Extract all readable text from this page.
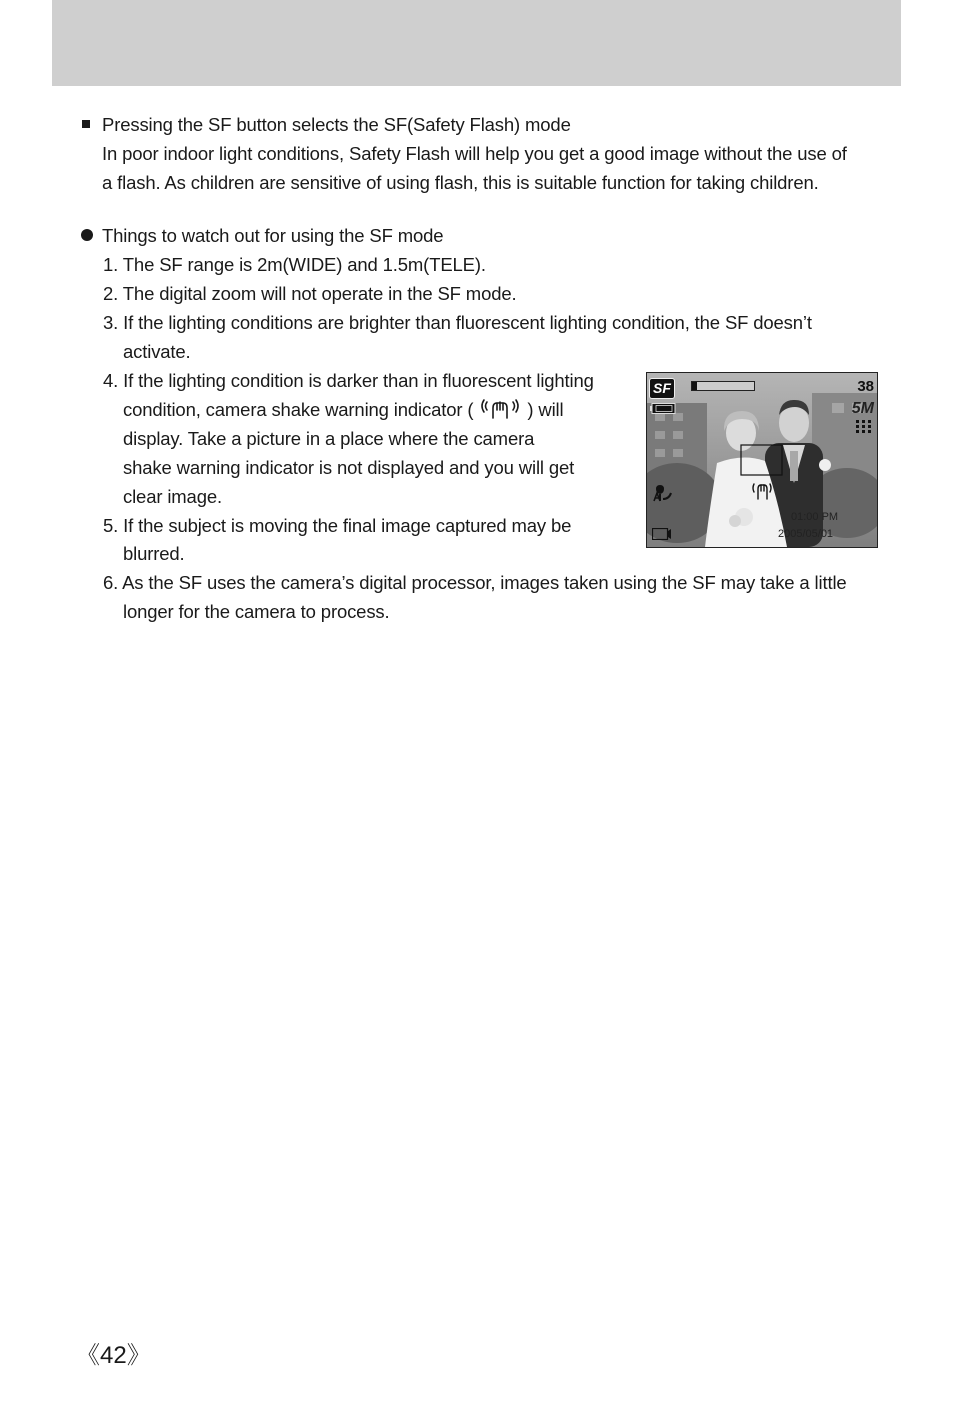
Pressing the SF button selects the SF(Safety Flash) mode
In poor indoor light conditions, Safety Flash will help you get a good image without the use of
a flash. As children are sensitive of using flash, this is suitable function for taking children.
Things to watch out for using the SF mode
1. The SF range is 2m(WIDE) and 1.5m(TELE).
2. The digital zoom will not operate in the SF mode.
3. If the lighting conditions are brighter than fluorescent lighting condition, the SF doesn’t
activate.
4. If the lighting condition is darker than in fluorescent lighting
condition, camera shake warning indicator (	) will
display. Take a picture in a place where the camera
shake warning indicator is not displayed and you will get
clear image.
5. If the subject is moving the final image captured may be
blurred.
6. As the SF uses the camera’s digital processor, images taken using the SF may take a little
longer for the camera to process.
SF	38
5M
01:00 PM
2005/05/01
《42》
